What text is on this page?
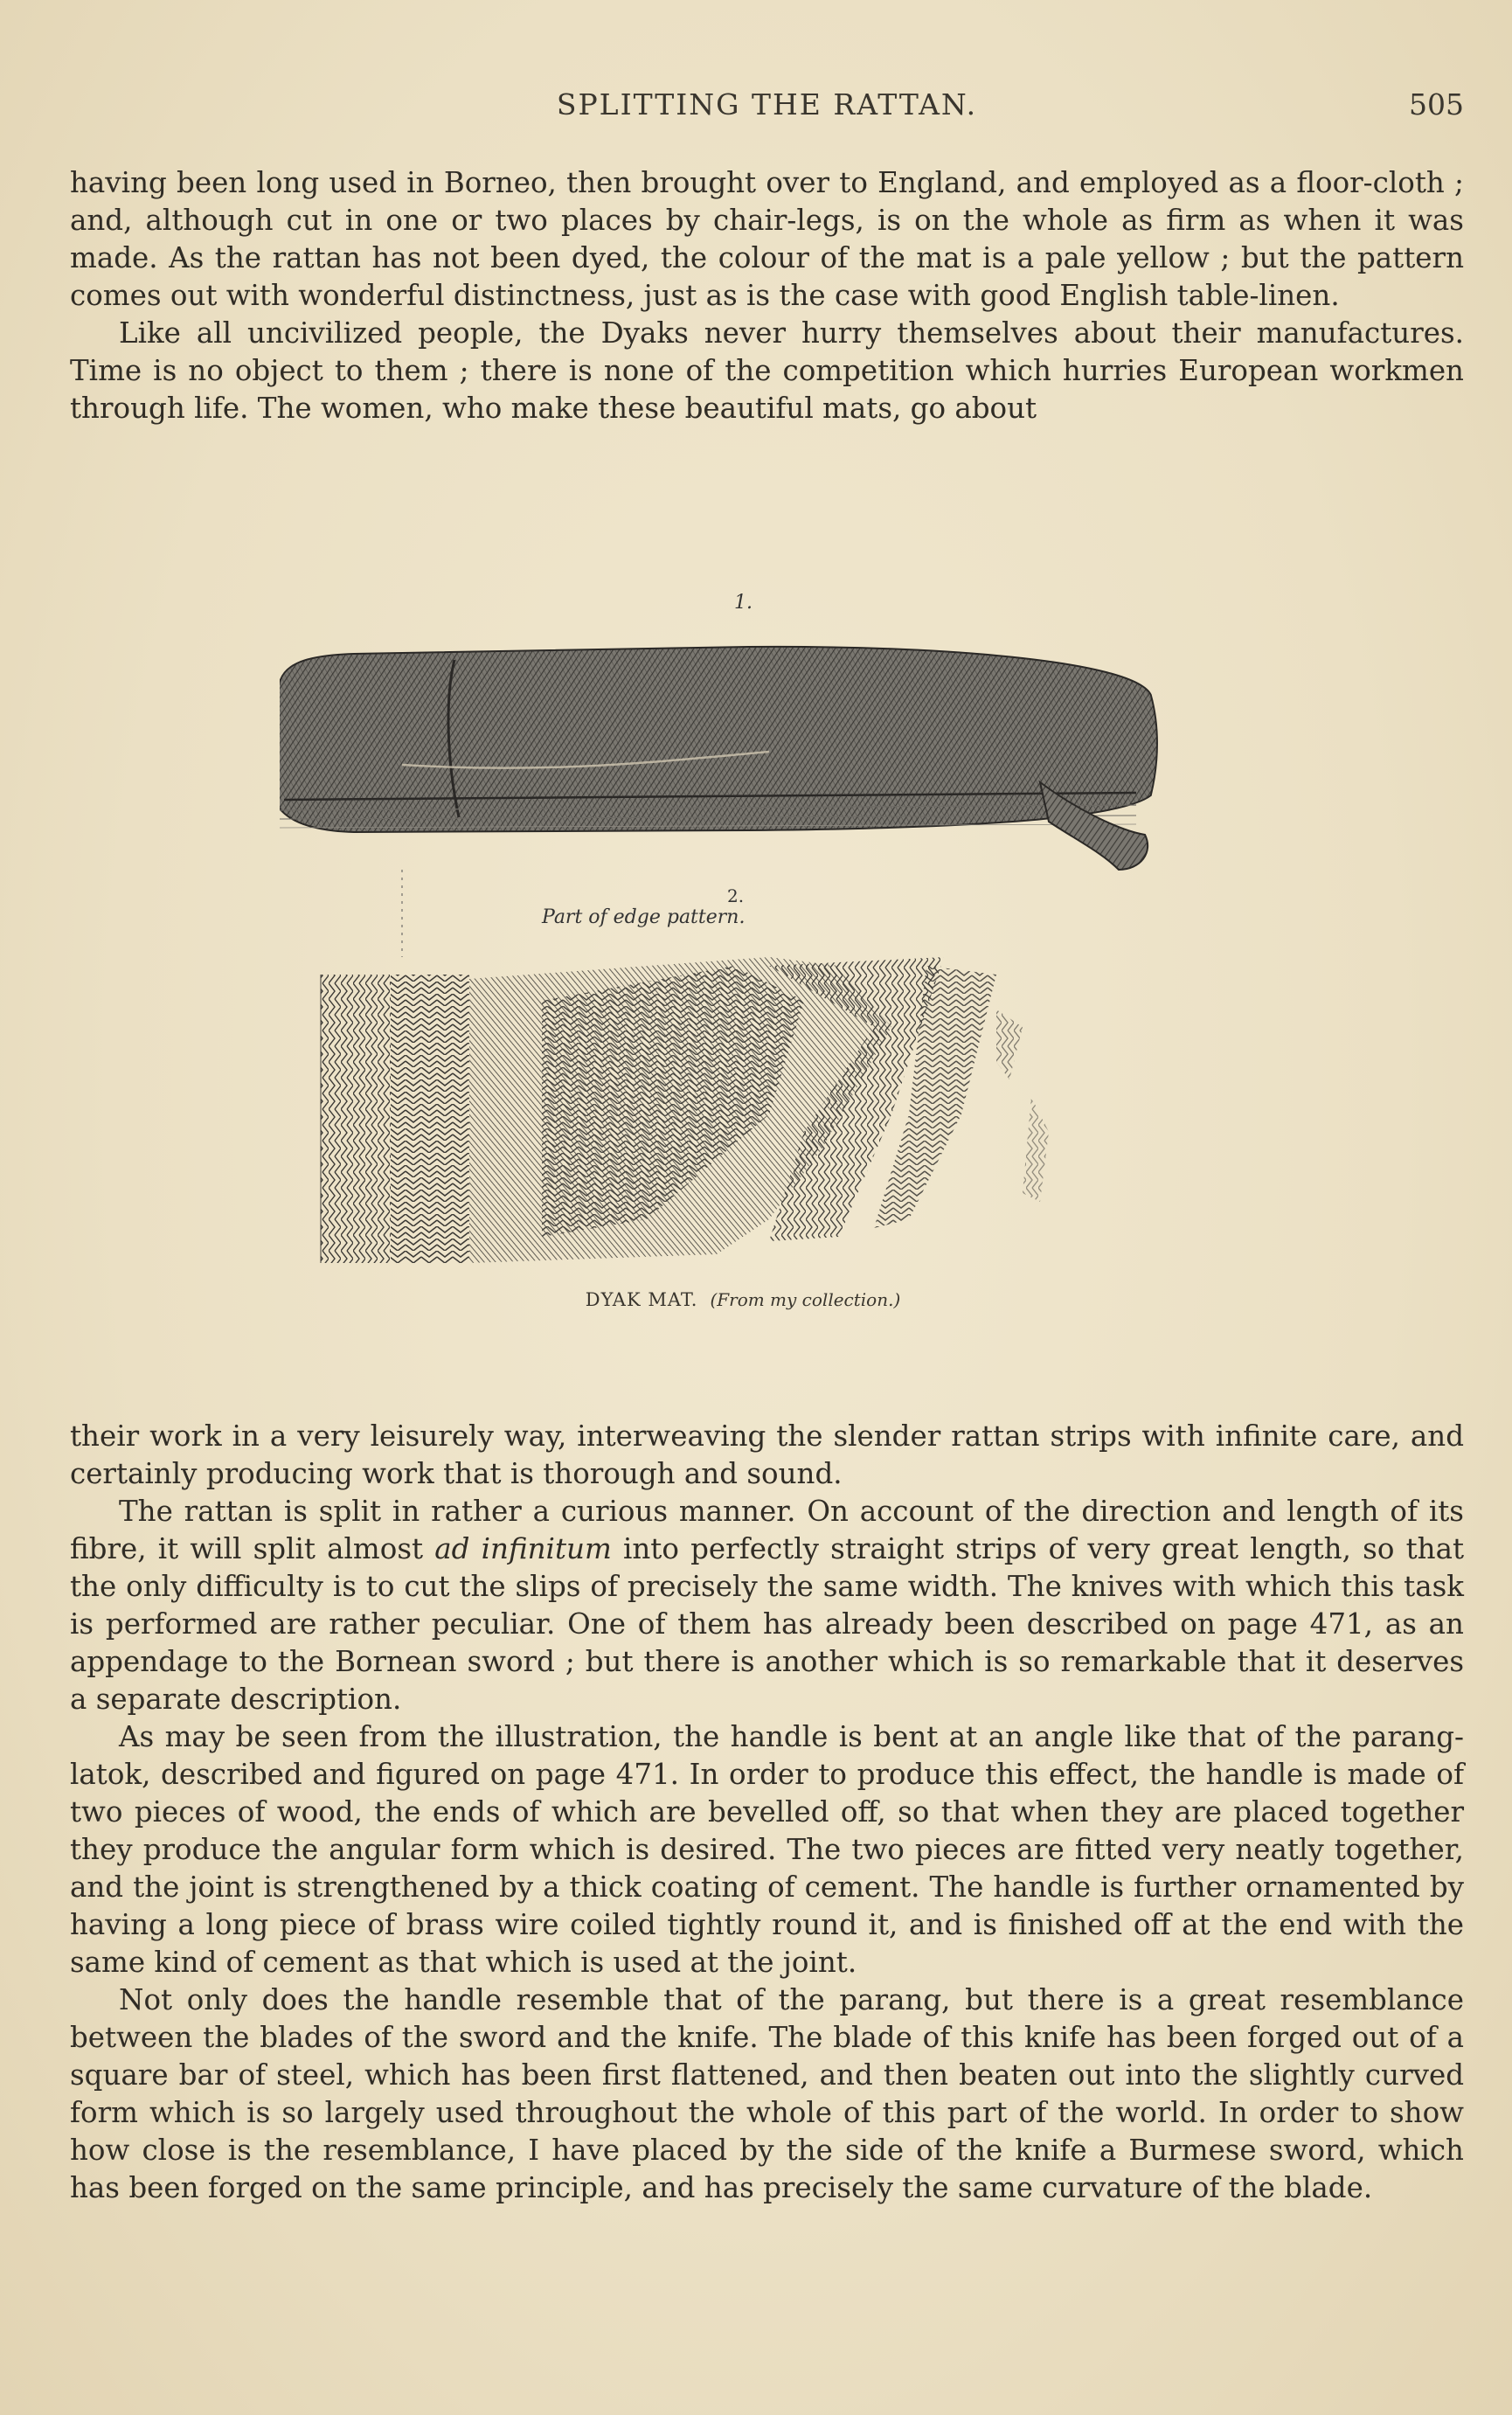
SPLITTING THE RATTAN.	505

having been long used in Borneo, then brought over to England, and employed as a floor-cloth ; and, although cut in one or two places by chair-legs, is on the whole as firm as when it was made. As the rattan has not been dyed, the colour of the mat is a pale yellow ; but the pattern comes out with wonderful distinctness, just as is the case with good English table-linen.

Like all uncivilized people, the Dyaks never hurry themselves about their manufactures. Time is no object to them ; there is none of the competition which hurries European workmen through life. The women, who make these beautiful mats, go about

1.
2.
Part of edge pattern.
DYAK MAT. (From my collection.)

their work in a very leisurely way, interweaving the slender rattan strips with infinite care, and certainly producing work that is thorough and sound.

The rattan is split in rather a curious manner. On account of the direction and length of its fibre, it will split almost ad infinitum into perfectly straight strips of very great length, so that the only difficulty is to cut the slips of precisely the same width. The knives with which this task is performed are rather peculiar. One of them has already been described on page 471, as an appendage to the Bornean sword ; but there is another which is so remarkable that it deserves a separate description.

As may be seen from the illustration, the handle is bent at an angle like that of the parang-latok, described and figured on page 471. In order to produce this effect, the handle is made of two pieces of wood, the ends of which are bevelled off, so that when they are placed together they produce the angular form which is desired. The two pieces are fitted very neatly together, and the joint is strengthened by a thick coating of cement. The handle is further ornamented by having a long piece of brass wire coiled tightly round it, and is finished off at the end with the same kind of cement as that which is used at the joint.

Not only does the handle resemble that of the parang, but there is a great resemblance between the blades of the sword and the knife. The blade of this knife has been forged out of a square bar of steel, which has been first flattened, and then beaten out into the slightly curved form which is so largely used throughout the whole of this part of the world. In order to show how close is the resemblance, I have placed by the side of the knife a Burmese sword, which has been forged on the same principle, and has precisely the same curvature of the blade.
